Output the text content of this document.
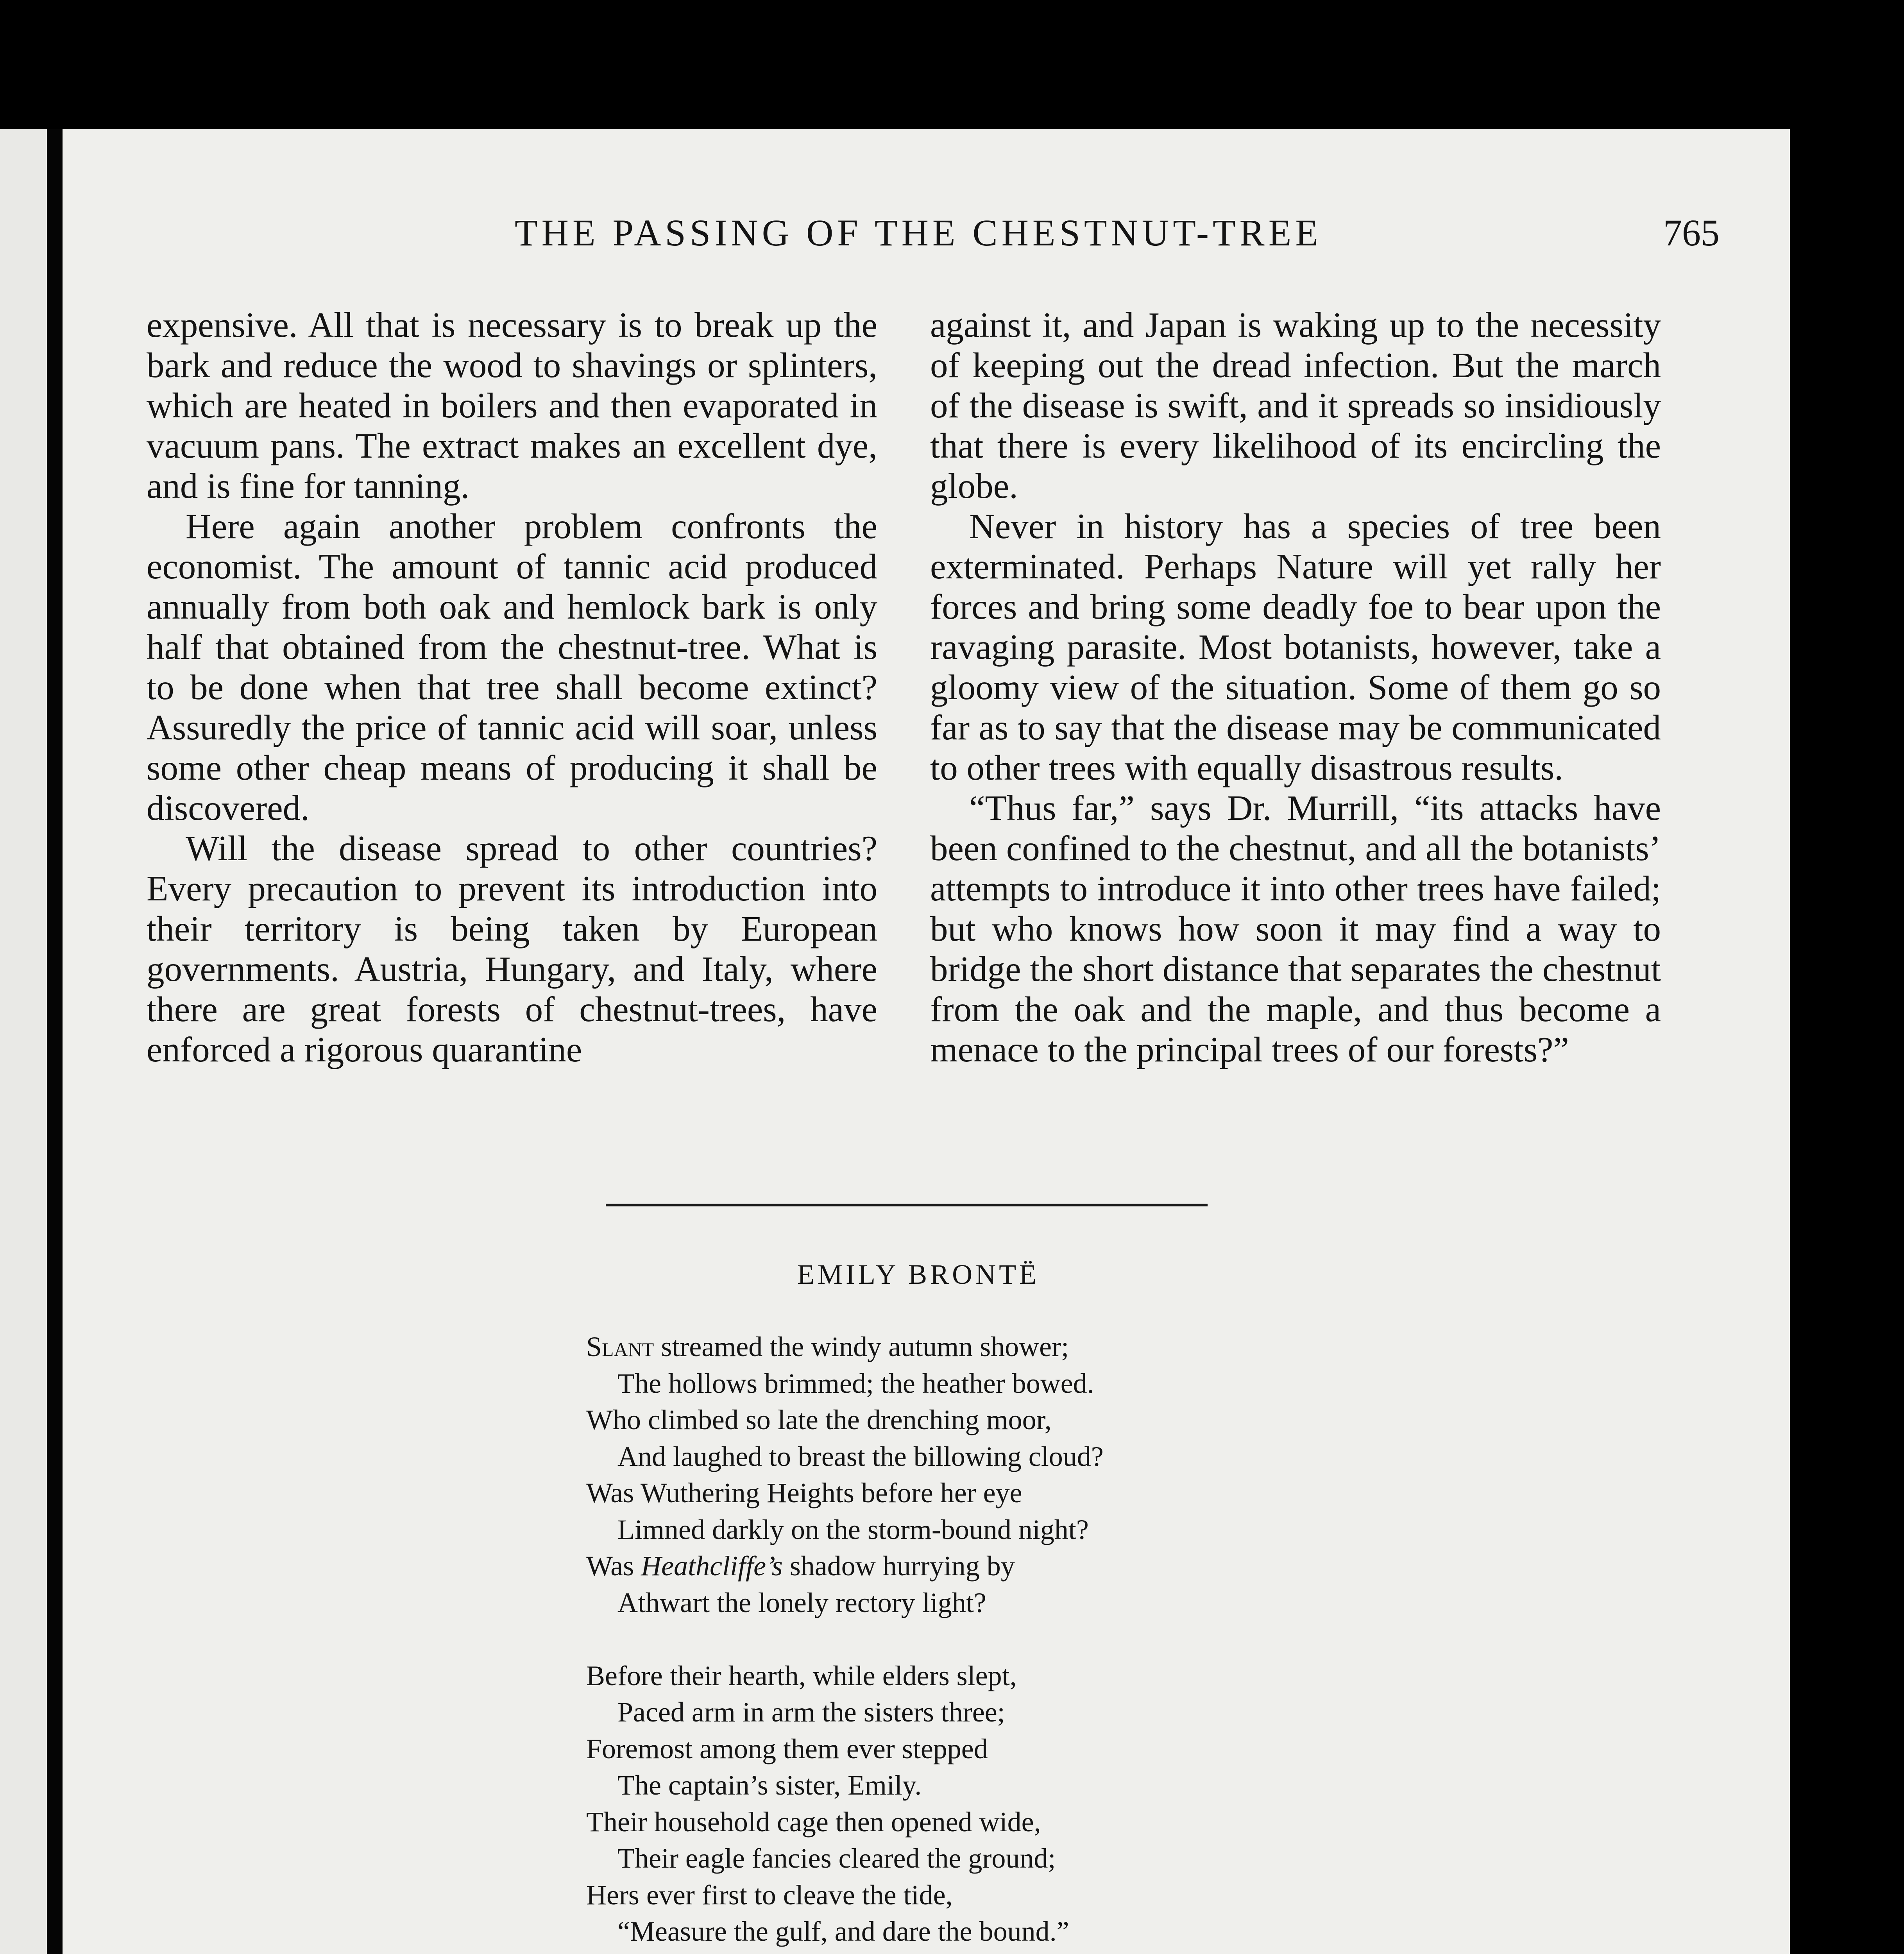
THE PASSING OF THE CHESTNUT-TREE	765

expensive. All that is necessary is to break up the bark and reduce the wood to shavings or splinters, which are heated in boilers and then evaporated in vacuum pans. The extract makes an excellent dye, and is fine for tanning.

Here again another problem confronts the economist. The amount of tannic acid produced annually from both oak and hemlock bark is only half that obtained from the chestnut-tree. What is to be done when that tree shall become extinct? Assuredly the price of tannic acid will soar, unless some other cheap means of producing it shall be discovered.

Will the disease spread to other countries? Every precaution to prevent its introduction into their territory is being taken by European governments. Austria, Hungary, and Italy, where there are great forests of chestnut-trees, have enforced a rigorous quarantine

against it, and Japan is waking up to the necessity of keeping out the dread infection. But the march of the disease is swift, and it spreads so insidiously that there is every likelihood of its encircling the globe.

Never in history has a species of tree been exterminated. Perhaps Nature will yet rally her forces and bring some deadly foe to bear upon the ravaging parasite. Most botanists, however, take a gloomy view of the situation. Some of them go so far as to say that the disease may be communicated to other trees with equally disastrous results.

“Thus far,” says Dr. Murrill, “its attacks have been confined to the chestnut, and all the botanists’ attempts to introduce it into other trees have failed; but who knows how soon it may find a way to bridge the short distance that separates the chestnut from the oak and the maple, and thus become a menace to the principal trees of our forests?”

EMILY BRONTË
Slant streamed the windy autumn shower;
The hollows brimmed; the heather bowed.
Who climbed so late the drenching moor,
And laughed to breast the billowing cloud?
Was Wuthering Heights before her eye
Limned darkly on the storm-bound night?
Was Heathcliffe’s shadow hurrying by
Athwart the lonely rectory light?
Before their hearth, while elders slept,
Paced arm in arm the sisters three;
Foremost among them ever stepped
The captain’s sister, Emily.
Their household cage then opened wide,
Their eagle fancies cleared the ground;
Hers ever first to cleave the tide,
“Measure the gulf, and dare the bound.”
